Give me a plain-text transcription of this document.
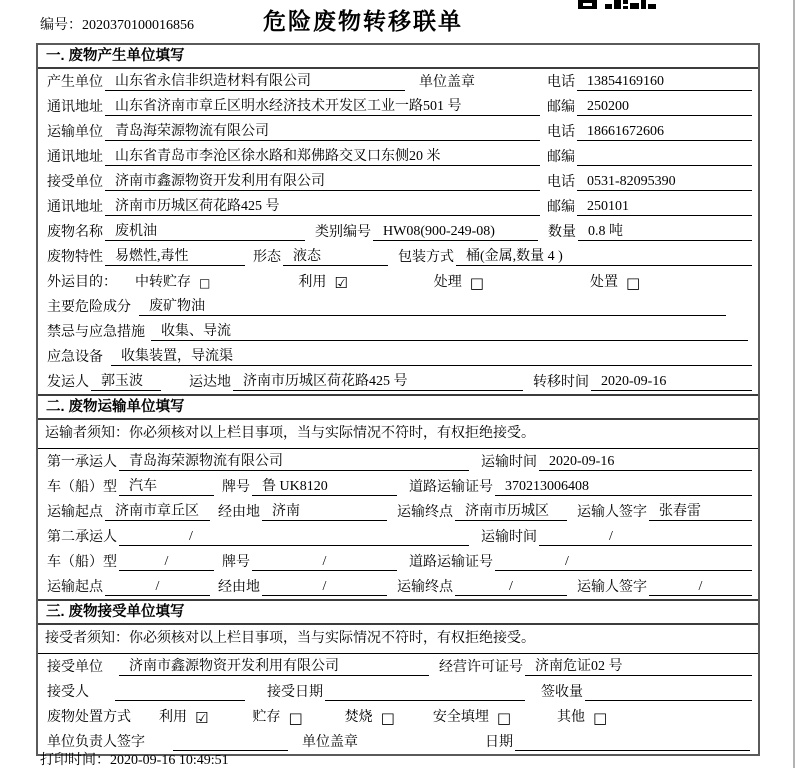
编号：2020370100016856	危险废物转移联单
一. 废物产生单位填写
产生单位 山东省永信非织造材料有限公司	单位盖章	电话 13854169160
通讯地址 山东省济南市章丘区明水经济技术开发区工业一路501 号	邮编 250200
运输单位 青岛海荣源物流有限公司	电话 18661672606
通讯地址 山东省青岛市李沧区徐水路和郑佛路交叉口东侧20 米	邮编
接受单位 济南市鑫源物资开发利用有限公司	电话 0531-82095390
通讯地址 济南市历城区荷花路425 号	邮编 250101
废物名称 废机油	类别编号 HW08(900-249-08)	数量 0.8 吨
废物特性 易燃性,毒性	形态 液态	包装方式 桶(金属,数量 4 )
外运目的： 中转贮存 □	利用 ☑	处理 □	处置 □
主要危险成分	废矿物油
禁忌与应急措施	收集、导流
应急设备	收集装置，导流渠
发运人 郭玉波	运达地 济南市历城区荷花路425 号	转移时间 2020-09-16
二. 废物运输单位填写
运输者须知：你必须核对以上栏目事项，当与实际情况不符时，有权拒绝接受。
第一承运人 青岛海荣源物流有限公司	运输时间 2020-09-16
车（船）型 汽车	牌号 鲁 UK8120	道路运输证号 370213006408
运输起点 济南市章丘区	经由地 济南	运输终点 济南市历城区	运输人签字 张春雷
第二承运人	/	运输时间	/
车（船）型	/	牌号	/	道路运输证号	/
运输起点	/	经由地	/	运输终点	/	运输人签字	/
三. 废物接受单位填写
接受者须知：你必须核对以上栏目事项，当与实际情况不符时，有权拒绝接受。
接受单位	济南市鑫源物资开发利用有限公司	经营许可证号 济南危证02 号
接受人	接受日期	签收量
废物处置方式 利用 ☑	贮存 □	焚烧 □	安全填埋 □	其他 □
单位负责人签字	单位盖章	日期
打印时间：2020-09-16 10:49:51
